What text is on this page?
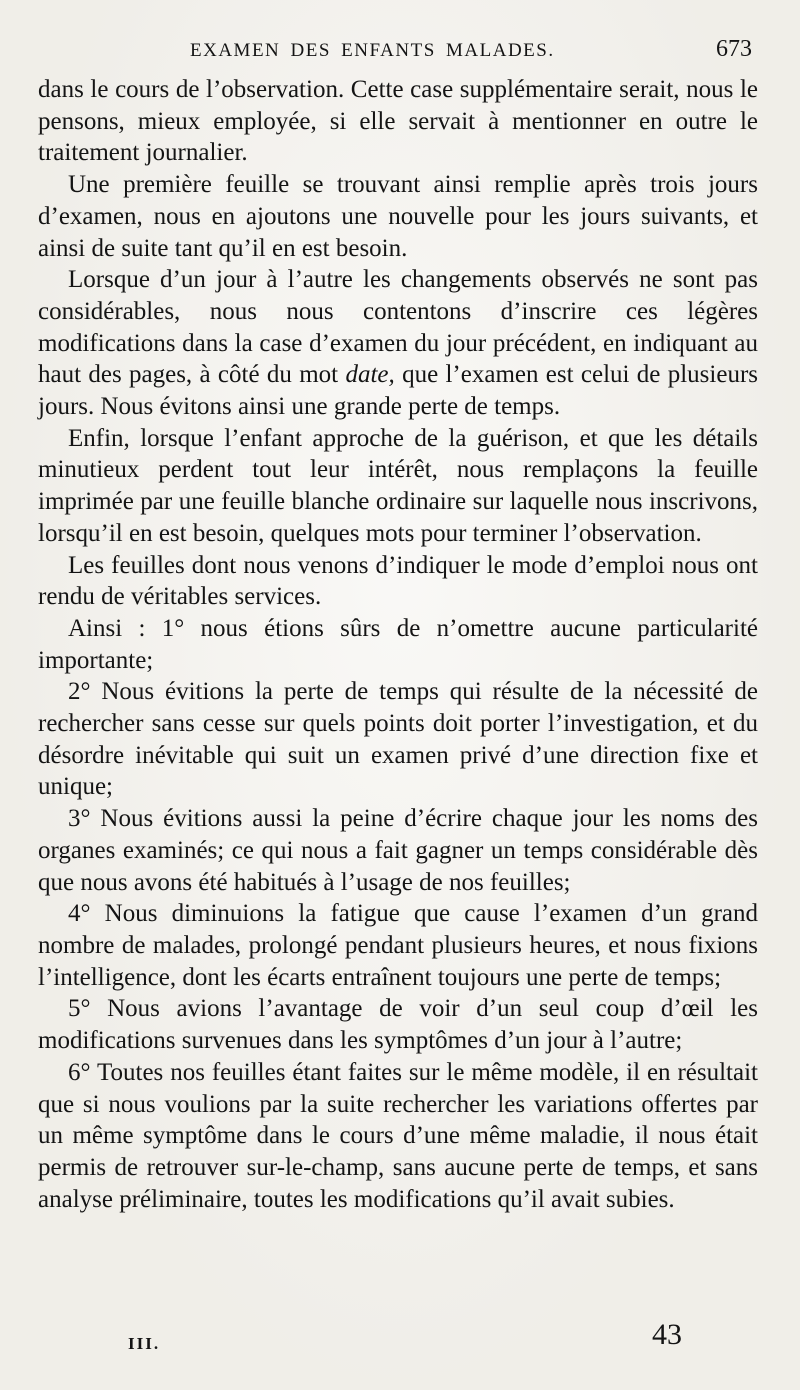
EXAMEN DES ENFANTS MALADES.	673

dans le cours de l’observation. Cette case supplémentaire serait, nous le pensons, mieux employée, si elle servait à mentionner en outre le traitement journalier.

Une première feuille se trouvant ainsi remplie après trois jours d’examen, nous en ajoutons une nouvelle pour les jours suivants, et ainsi de suite tant qu’il en est besoin.

Lorsque d’un jour à l’autre les changements observés ne sont pas considérables, nous nous contentons d’inscrire ces légères modifications dans la case d’examen du jour précédent, en indiquant au haut des pages, à côté du mot date, que l’examen est celui de plusieurs jours. Nous évitons ainsi une grande perte de temps.

Enfin, lorsque l’enfant approche de la guérison, et que les détails minutieux perdent tout leur intérêt, nous remplaçons la feuille imprimée par une feuille blanche ordinaire sur laquelle nous inscrivons, lorsqu’il en est besoin, quelques mots pour terminer l’observation.

Les feuilles dont nous venons d’indiquer le mode d’emploi nous ont rendu de véritables services.

Ainsi : 1° nous étions sûrs de n’omettre aucune particularité importante;

2° Nous évitions la perte de temps qui résulte de la nécessité de rechercher sans cesse sur quels points doit porter l’investigation, et du désordre inévitable qui suit un examen privé d’une direction fixe et unique;

3° Nous évitions aussi la peine d’écrire chaque jour les noms des organes examinés; ce qui nous a fait gagner un temps considérable dès que nous avons été habitués à l’usage de nos feuilles;

4° Nous diminuions la fatigue que cause l’examen d’un grand nombre de malades, prolongé pendant plusieurs heures, et nous fixions l’intelligence, dont les écarts entraînent toujours une perte de temps;

5° Nous avions l’avantage de voir d’un seul coup d’œil les modifications survenues dans les symptômes d’un jour à l’autre;

6° Toutes nos feuilles étant faites sur le même modèle, il en résultait que si nous voulions par la suite rechercher les variations offertes par un même symptôme dans le cours d’une même maladie, il nous était permis de retrouver sur-le-champ, sans aucune perte de temps, et sans analyse préliminaire, toutes les modifications qu’il avait subies.

III.	43
